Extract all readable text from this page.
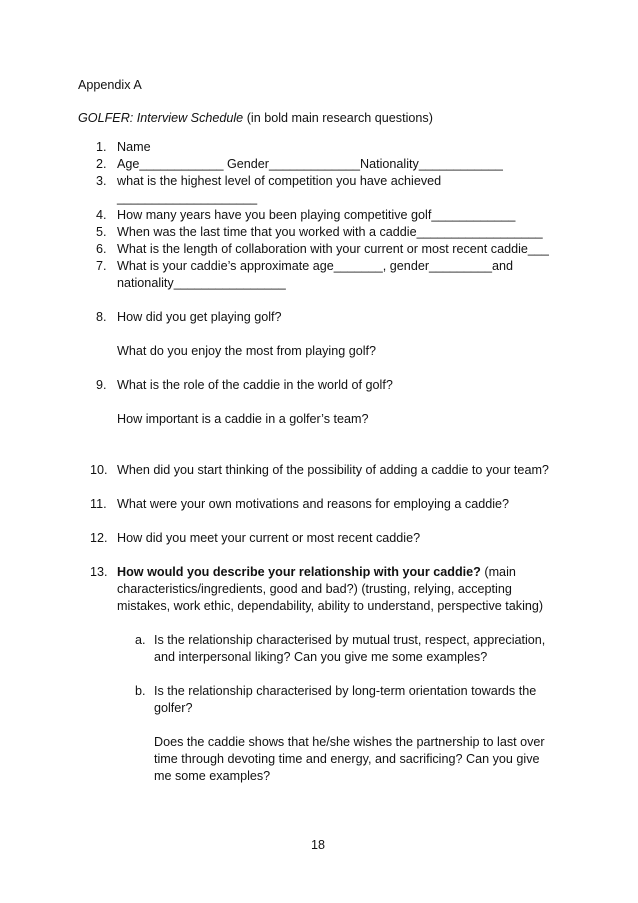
Appendix A
GOLFER: Interview Schedule (in bold main research questions)
1. Name
2. Age____________ Gender_____________Nationality____________
3. what is the highest level of competition you have achieved
____________________
4. How many years have you been playing competitive golf____________
5. When was the last time that you worked with a caddie__________________
6. What is the length of collaboration with your current or most recent caddie___
7. What is your caddie’s approximate age_______, gender_________and
nationality________________
8. How did you get playing golf?
What do you enjoy the most from playing golf?
9. What is the role of the caddie in the world of golf?
How important is a caddie in a golfer’s team?
10. When did you start thinking of the possibility of adding a caddie to your team?
11. What were your own motivations and reasons for employing a caddie?
12. How did you meet your current or most recent caddie?
13. How would you describe your relationship with your caddie? (main
characteristics/ingredients, good and bad?) (trusting, relying, accepting
mistakes, work ethic, dependability, ability to understand, perspective taking)
a. Is the relationship characterised by mutual trust, respect, appreciation,
and interpersonal liking? Can you give me some examples?
b. Is the relationship characterised by long-term orientation towards the
golfer?
Does the caddie shows that he/she wishes the partnership to last over
time through devoting time and energy, and sacrificing? Can you give
me some examples?
18
